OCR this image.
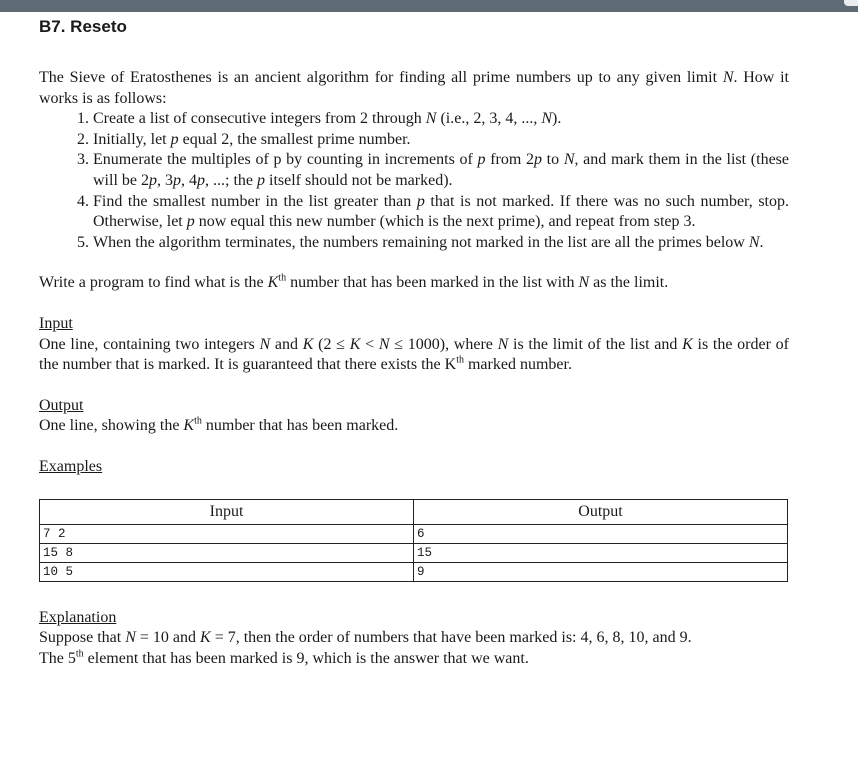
B7. Reseto

The Sieve of Eratosthenes is an ancient algorithm for finding all prime numbers up to any given limit N. How it works is as follows:

1. Create a list of consecutive integers from 2 through N (i.e., 2, 3, 4, ..., N).
2. Initially, let p equal 2, the smallest prime number.
3. Enumerate the multiples of p by counting in increments of p from 2p to N, and mark them in the list (these will be 2p, 3p, 4p, ...; the p itself should not be marked).
4. Find the smallest number in the list greater than p that is not marked. If there was no such number, stop. Otherwise, let p now equal this new number (which is the next prime), and repeat from step 3.
5. When the algorithm terminates, the numbers remaining not marked in the list are all the primes below N.

Write a program to find what is the $K^{th}$ number that has been marked in the list with N as the limit.

Input

One line, containing two integers N and K (2 ≤ K < N ≤ 1000), where N is the limit of the list and K is the order of the number that is marked. It is guaranteed that there exists the $K^{th}$ marked number.

Output

One line, showing the $K^{th}$ number that has been marked.

Examples

Input	Output
7 2	6
15 8	15
10 5	9

Explanation

Suppose that N = 10 and K = 7, then the order of numbers that have been marked is: 4, 6, 8, 10, and 9.

The 5th element that has been marked is 9, which is the answer that we want.
